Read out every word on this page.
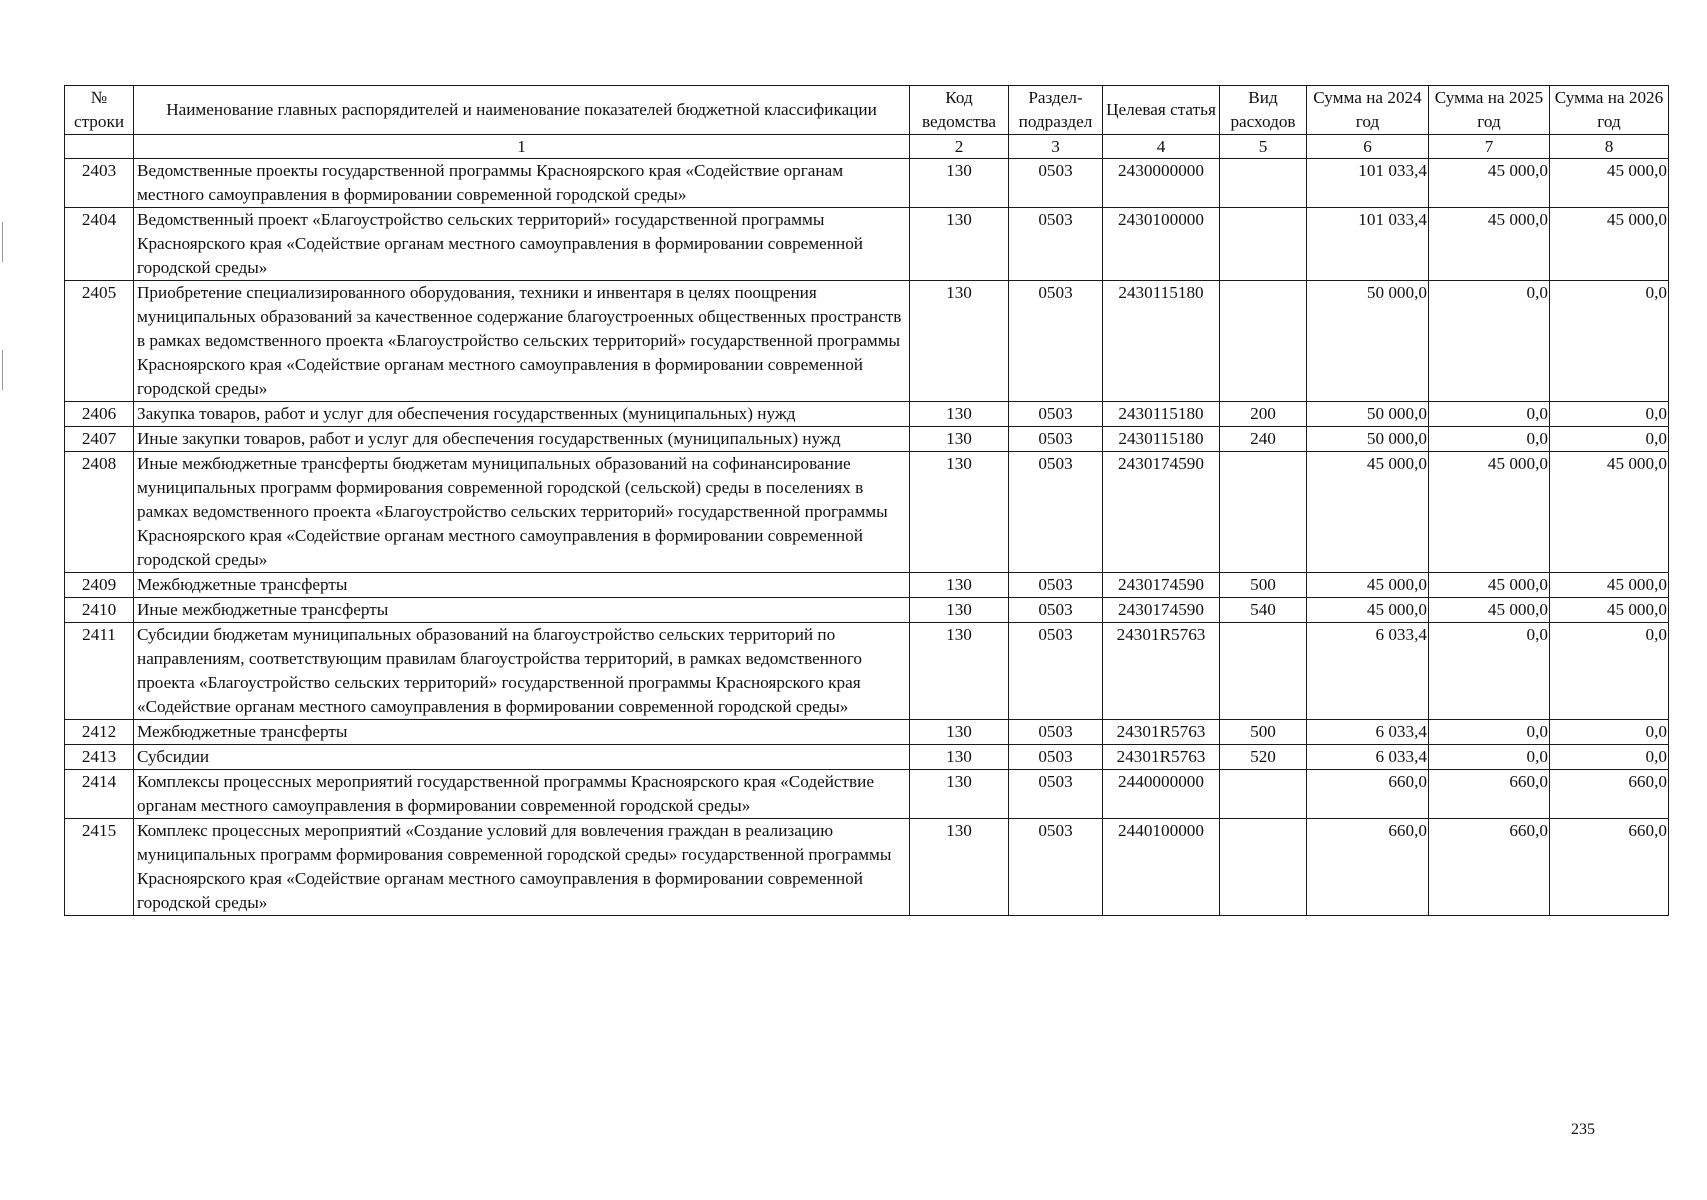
№ строки	Наименование главных распорядителей и наименование показателей бюджетной классификации	Код ведомства	Раздел-подраздел	Целевая статья	Вид расходов	Сумма на 2024 год	Сумма на 2025 год	Сумма на 2026 год
	1	2	3	4	5	6	7	8
2403	Ведомственные проекты государственной программы Красноярского края «Содействие органам местного самоуправления в формировании современной городской среды»	130	0503	2430000000		101 033,4	45 000,0	45 000,0
2404	Ведомственный проект «Благоустройство сельских территорий» государственной программы Красноярского края «Содействие органам местного самоуправления в формировании современной городской среды»	130	0503	2430100000		101 033,4	45 000,0	45 000,0
2405	Приобретение специализированного оборудования, техники и инвентаря в целях поощрения муниципальных образований за качественное содержание благоустроенных общественных пространств в рамках ведомственного проекта «Благоустройство сельских территорий» государственной программы Красноярского края «Содействие органам местного самоуправления в формировании современной городской среды»	130	0503	2430115180		50 000,0	0,0	0,0
2406	Закупка товаров, работ и услуг для обеспечения государственных (муниципальных) нужд	130	0503	2430115180	200	50 000,0	0,0	0,0
2407	Иные закупки товаров, работ и услуг для обеспечения государственных (муниципальных) нужд	130	0503	2430115180	240	50 000,0	0,0	0,0
2408	Иные межбюджетные трансферты бюджетам муниципальных образований на софинансирование муниципальных программ формирования современной городской (сельской) среды в поселениях в рамках ведомственного проекта «Благоустройство сельских территорий» государственной программы Красноярского края «Содействие органам местного самоуправления в формировании современной городской среды»	130	0503	2430174590		45 000,0	45 000,0	45 000,0
2409	Межбюджетные трансферты	130	0503	2430174590	500	45 000,0	45 000,0	45 000,0
2410	Иные межбюджетные трансферты	130	0503	2430174590	540	45 000,0	45 000,0	45 000,0
2411	Субсидии бюджетам муниципальных образований на благоустройство сельских территорий по направлениям, соответствующим правилам благоустройства территорий, в рамках ведомственного проекта «Благоустройство сельских территорий» государственной программы Красноярского края «Содействие органам местного самоуправления в формировании современной городской среды»	130	0503	24301R5763		6 033,4	0,0	0,0
2412	Межбюджетные трансферты	130	0503	24301R5763	500	6 033,4	0,0	0,0
2413	Субсидии	130	0503	24301R5763	520	6 033,4	0,0	0,0
2414	Комплексы процессных мероприятий государственной программы Красноярского края «Содействие органам местного самоуправления в формировании современной городской среды»	130	0503	2440000000		660,0	660,0	660,0
2415	Комплекс процессных мероприятий «Создание условий для вовлечения граждан в реализацию муниципальных программ формирования современной городской среды» государственной программы Красноярского края «Содействие органам местного самоуправления в формировании современной городской среды»	130	0503	2440100000		660,0	660,0	660,0
235
